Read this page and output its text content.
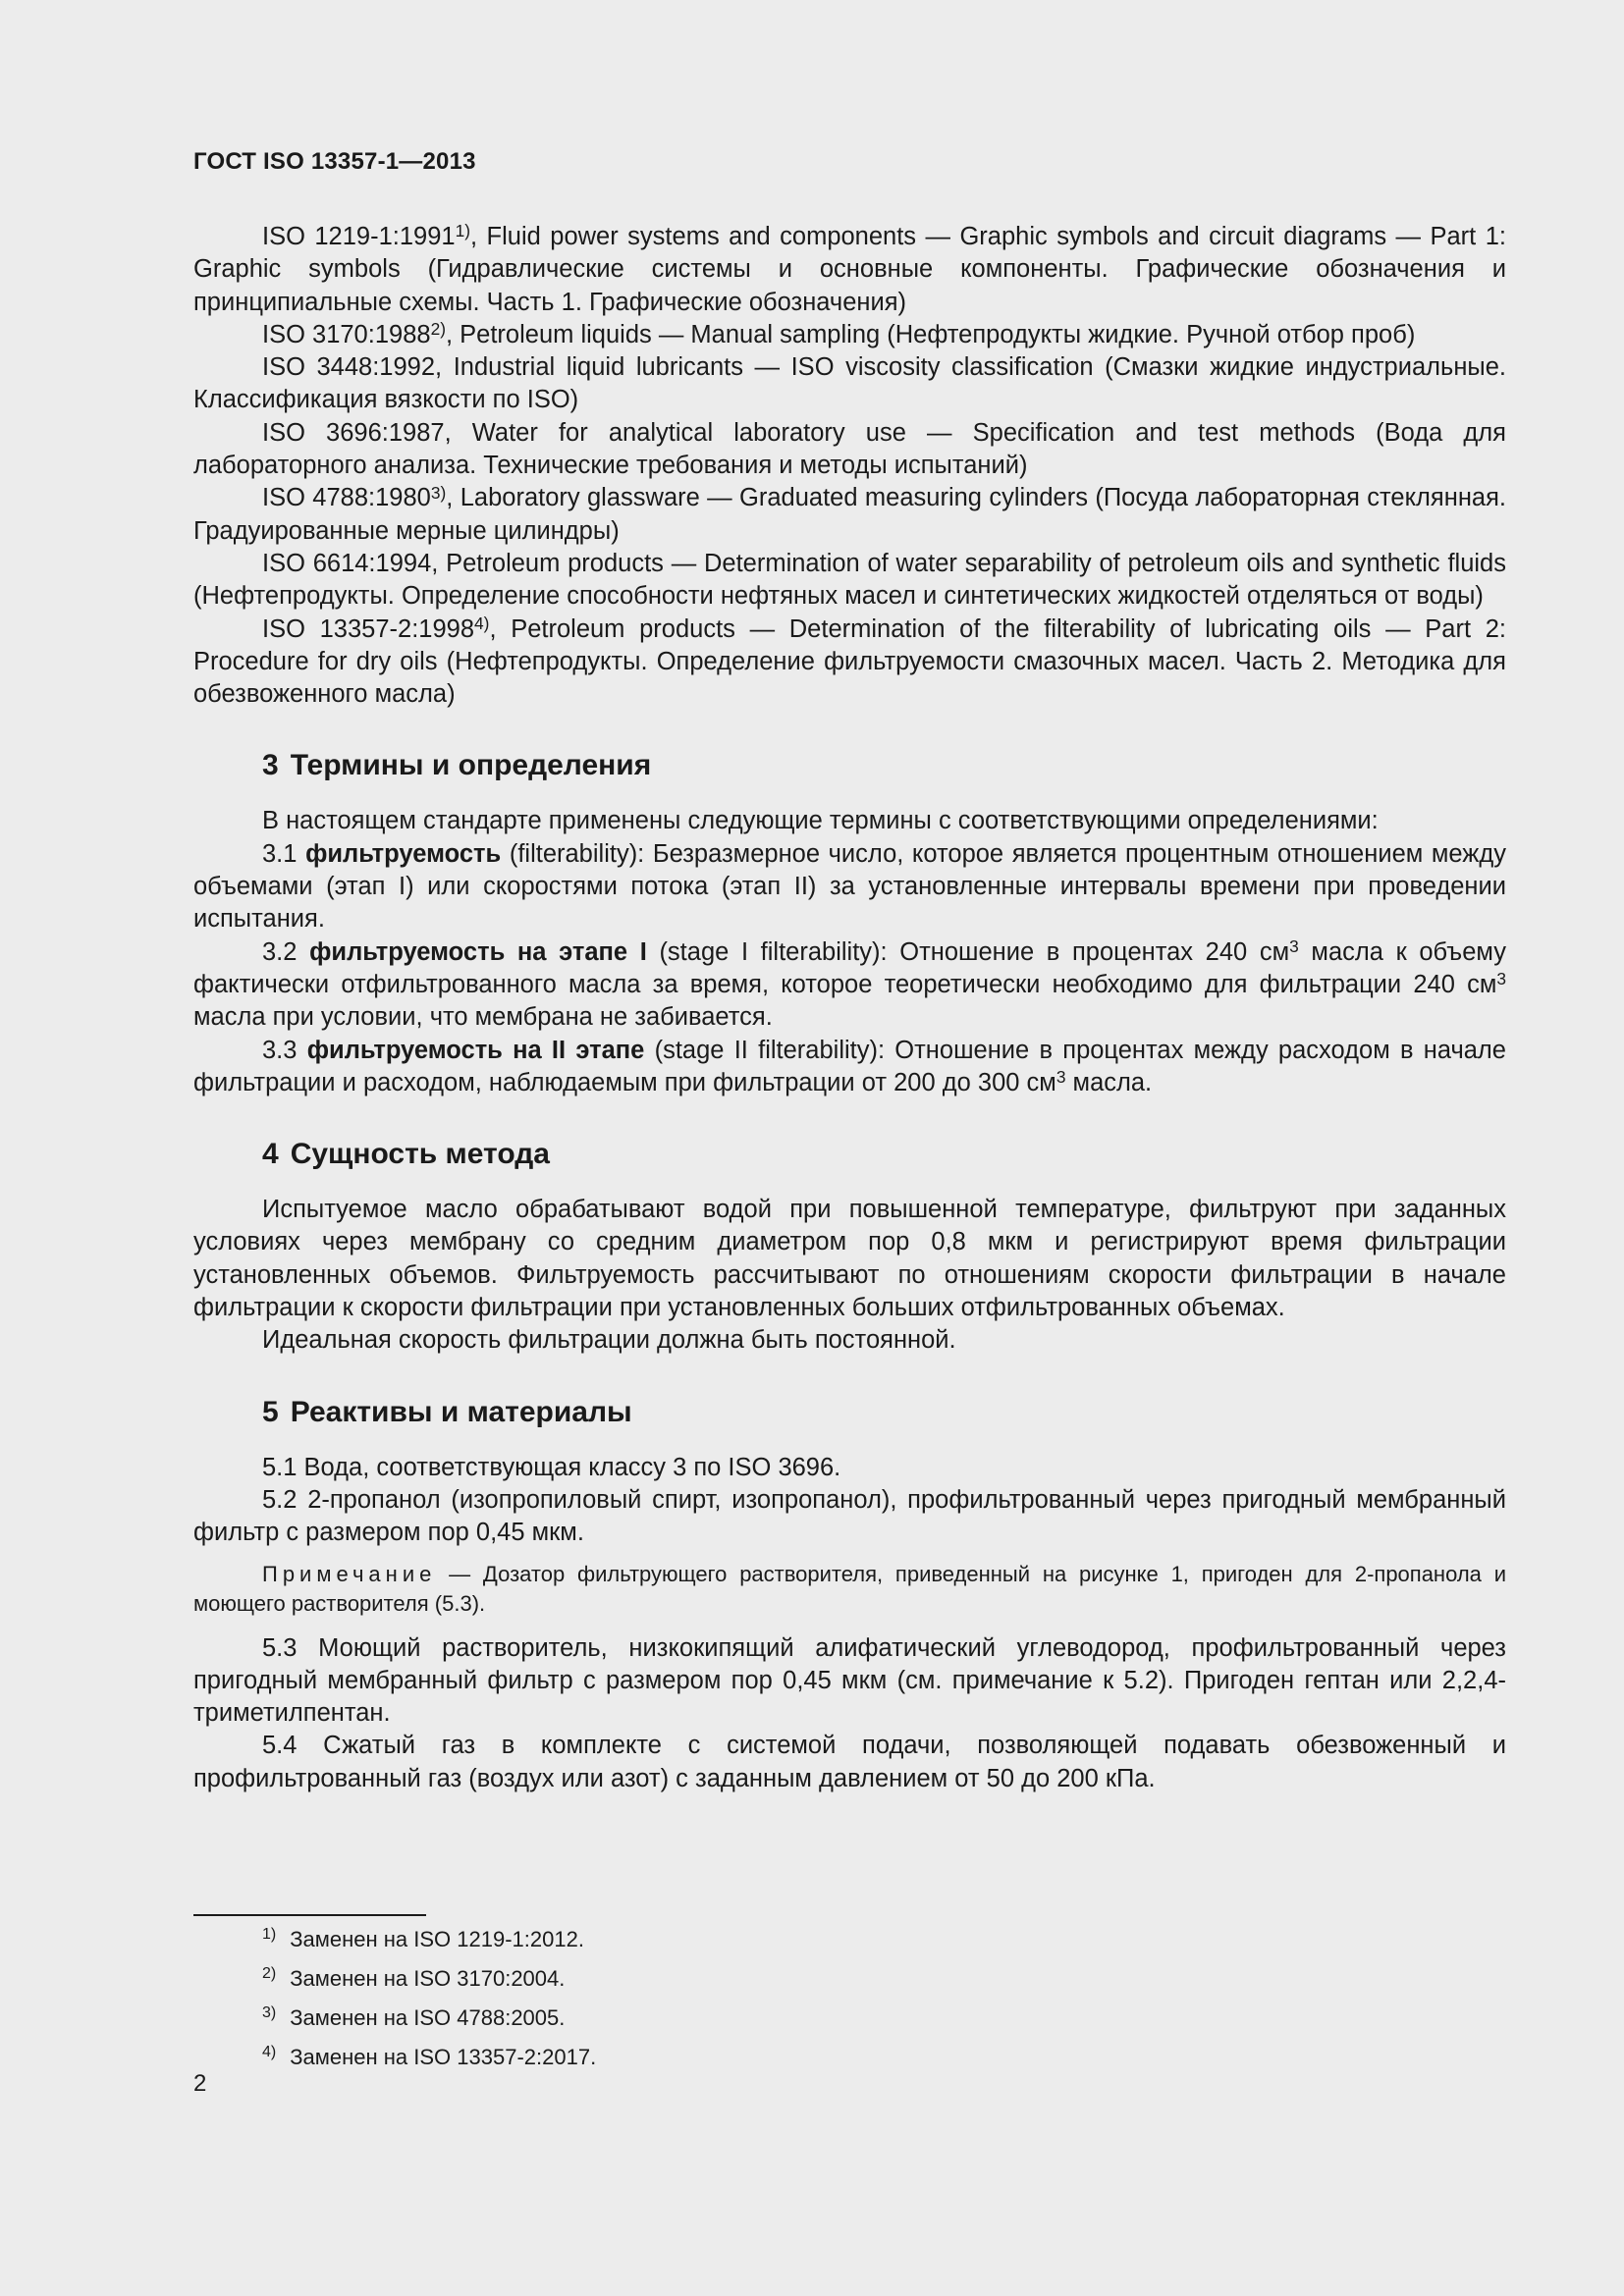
ГОСТ ISO 13357-1—2013

ISO 1219-1:1991$^{1)}$, Fluid power systems and components — Graphic symbols and circuit diagrams — Part 1: Graphic symbols (Гидравлические системы и основные компоненты. Графические обозначения и принципиальные схемы. Часть 1. Графические обозначения)

ISO 3170:1988$^{2)}$, Petroleum liquids — Manual sampling (Нефтепродукты жидкие. Ручной отбор проб)

ISO 3448:1992, Industrial liquid lubricants — ISO viscosity classification (Смазки жидкие индустриальные. Классификация вязкости по ISO)

ISO 3696:1987, Water for analytical laboratory use — Specification and test methods (Вода для лабораторного анализа. Технические требования и методы испытаний)

ISO 4788:1980$^{3)}$, Laboratory glassware — Graduated measuring cylinders (Посуда лабораторная стеклянная. Градуированные мерные цилиндры)

ISO 6614:1994, Petroleum products — Determination of water separability of petroleum oils and synthetic fluids (Нефтепродукты. Определение способности нефтяных масел и синтетических жидкостей отделяться от воды)

ISO 13357-2:1998$^{4)}$, Petroleum products — Determination of the filterability of lubricating oils — Part 2: Procedure for dry oils (Нефтепродукты. Определение фильтруемости смазочных масел. Часть 2. Методика для обезвоженного масла)

3 Термины и определения

В настоящем стандарте применены следующие термины с соответствующими определениями:

3.1 фильтруемость (filterability): Безразмерное число, которое является процентным отношением между объемами (этап I) или скоростями потока (этап II) за установленные интервалы времени при проведении испытания.

3.2 фильтруемость на этапе I (stage I filterability): Отношение в процентах 240 $см^3$ масла к объему фактически отфильтрованного масла за время, которое теоретически необходимо для фильтрации 240 $см^3$ масла при условии, что мембрана не забивается.

3.3 фильтруемость на II этапе (stage II filterability): Отношение в процентах между расходом в начале фильтрации и расходом, наблюдаемым при фильтрации от 200 до 300 $см^3$ масла.

4 Сущность метода

Испытуемое масло обрабатывают водой при повышенной температуре, фильтруют при заданных условиях через мембрану со средним диаметром пор 0,8 мкм и регистрируют время фильтрации установленных объемов. Фильтруемость рассчитывают по отношениям скорости фильтрации в начале фильтрации к скорости фильтрации при установленных больших отфильтрованных объемах.

Идеальная скорость фильтрации должна быть постоянной.

5 Реактивы и материалы

5.1 Вода, соответствующая классу 3 по ISO 3696.

5.2 2-пропанол (изопропиловый спирт, изопропанол), профильтрованный через пригодный мембранный фильтр с размером пор 0,45 мкм.

Примечание — Дозатор фильтрующего растворителя, приведенный на рисунке 1, пригоден для 2-пропанола и моющего растворителя (5.3).

5.3 Моющий растворитель, низкокипящий алифатический углеводород, профильтрованный через пригодный мембранный фильтр с размером пор 0,45 мкм (см. примечание к 5.2). Пригоден гептан или 2,2,4-триметилпентан.

5.4 Сжатый газ в комплекте с системой подачи, позволяющей подавать обезвоженный и профильтрованный газ (воздух или азот) с заданным давлением от 50 до 200 кПа.

$^{1)}$ Заменен на ISO 1219-1:2012.
$^{2)}$ Заменен на ISO 3170:2004.
$^{3)}$ Заменен на ISO 4788:2005.
$^{4)}$ Заменен на ISO 13357-2:2017.
2
